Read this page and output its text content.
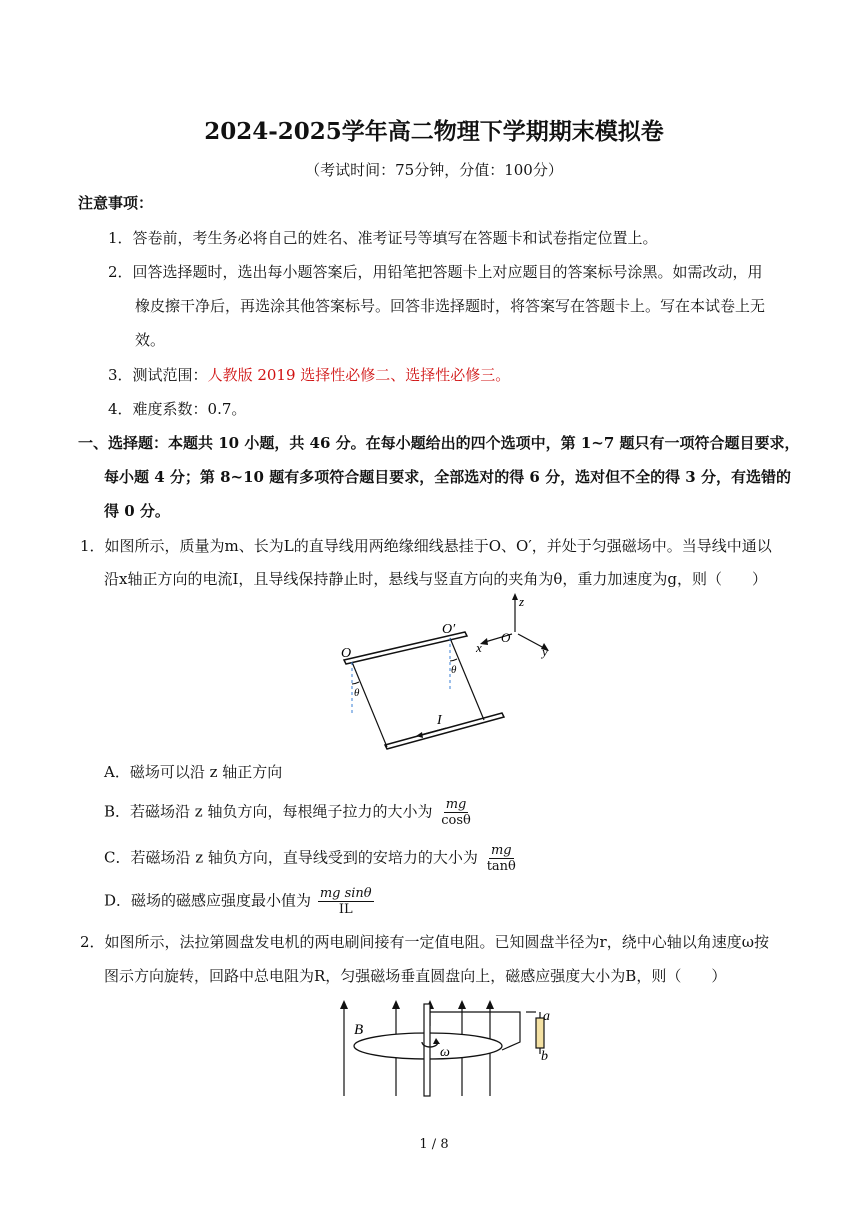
2024-2025学年高二物理下学期期末模拟卷
（考试时间：75分钟，分值：100分）
注意事项：
1．答卷前，考生务必将自己的姓名、准考证号等填写在答题卡和试卷指定位置上。
2．回答选择题时，选出每小题答案后，用铅笔把答题卡上对应题目的答案标号涂黑。如需改动，用
橡皮擦干净后，再选涂其他答案标号。回答非选择题时，将答案写在答题卡上。写在本试卷上无
效。
3．测试范围：人教版 2019 选择性必修二、选择性必修三。
4．难度系数：0.7。
一、选择题：本题共 10 小题，共 46 分。在每小题给出的四个选项中，第 1~7 题只有一项符合题目要求，
每小题 4 分；第 8~10 题有多项符合题目要求，全部选对的得 6 分，选对但不全的得 3 分，有选错的
得 0 分。
1．如图所示，质量为m、长为L的直导线用两绝缘细线悬挂于O、O′，并处于匀强磁场中。当导线中通以
沿x轴正方向的电流I，且导线保持静止时，悬线与竖直方向的夹角为θ，重力加速度为g，则（　　）
z
O
x	y
θ
θ
O
O′
I
A．磁场可以沿 z 轴正方向
B．若磁场沿 z 轴负方向，每根绳子拉力的大小为 $\frac{mg}{\cos\theta}$
C．若磁场沿 z 轴负方向，直导线受到的安培力的大小为 $\frac{mg}{\tan\theta}$
D．磁场的磁感应强度最小值为 $\frac{\text{mg sinθ}}{IL}$
2．如图所示，法拉第圆盘发电机的两电刷间接有一定值电阻。已知圆盘半径为r，绕中心轴以角速度ω按
图示方向旋转，回路中总电阻为R，匀强磁场垂直圆盘向上，磁感应强度大小为B，则（　　）
B
ω
a
b
1 / 8
